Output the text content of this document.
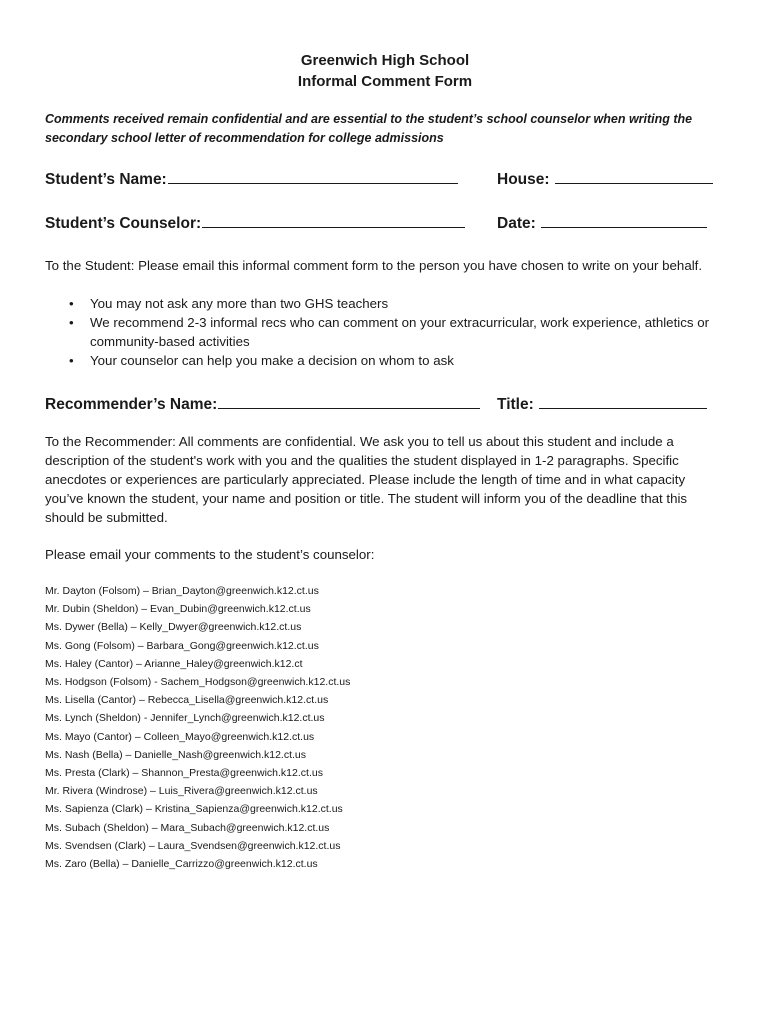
Greenwich High School
Informal Comment Form
Comments received remain confidential and are essential to the student’s school counselor when writing the secondary school letter of recommendation for college admissions
Student’s Name:	House:
Student’s Counselor:	Date:
To the Student: Please email this informal comment form to the person you have chosen to write on your behalf.
• You may not ask any more than two GHS teachers
• We recommend 2-3 informal recs who can comment on your extracurricular, work experience, athletics or community-based activities
• Your counselor can help you make a decision on whom to ask
Recommender’s Name:	Title:
To the Recommender: All comments are confidential. We ask you to tell us about this student and include a description of the student's work with you and the qualities the student displayed in 1-2 paragraphs. Specific anecdotes or experiences are particularly appreciated. Please include the length of time and in what capacity you’ve known the student, your name and position or title. The student will inform you of the deadline that this should be submitted.
Please email your comments to the student’s counselor:
Mr. Dayton (Folsom) – Brian_Dayton@greenwich.k12.ct.us
Mr. Dubin (Sheldon) – Evan_Dubin@greenwich.k12.ct.us
Ms. Dywer (Bella) – Kelly_Dwyer@greenwich.k12.ct.us
Ms. Gong (Folsom) – Barbara_Gong@greenwich.k12.ct.us
Ms. Haley (Cantor) – Arianne_Haley@greenwich.k12.ct
Ms. Hodgson (Folsom) - Sachem_Hodgson@greenwich.k12.ct.us
Ms. Lisella (Cantor) – Rebecca_Lisella@greenwich.k12.ct.us
Ms. Lynch (Sheldon) - Jennifer_Lynch@greenwich.k12.ct.us
Ms. Mayo (Cantor) – Colleen_Mayo@greenwich.k12.ct.us
Ms. Nash (Bella) – Danielle_Nash@greenwich.k12.ct.us
Ms. Presta (Clark) – Shannon_Presta@greenwich.k12.ct.us
Mr. Rivera (Windrose) – Luis_Rivera@greenwich.k12.ct.us
Ms. Sapienza (Clark) – Kristina_Sapienza@greenwich.k12.ct.us
Ms. Subach (Sheldon) – Mara_Subach@greenwich.k12.ct.us
Ms. Svendsen (Clark) – Laura_Svendsen@greenwich.k12.ct.us
Ms. Zaro (Bella) – Danielle_Carrizzo@greenwich.k12.ct.us
